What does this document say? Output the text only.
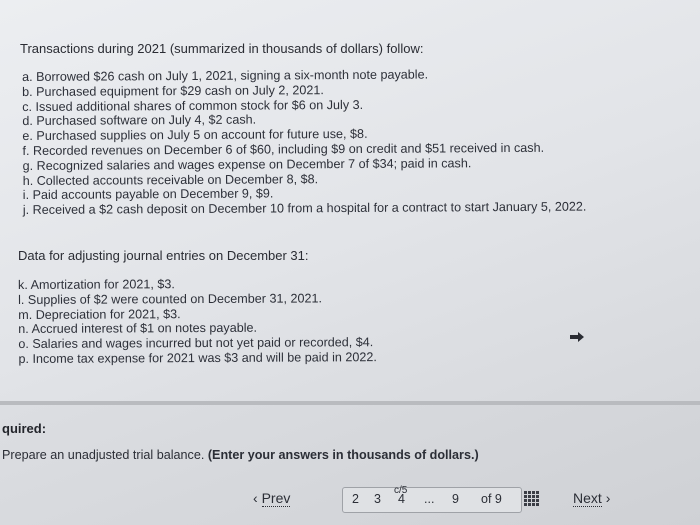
Transactions during 2021 (summarized in thousands of dollars) follow:
a. Borrowed $26 cash on July 1, 2021, signing a six-month note payable.
b. Purchased equipment for $29 cash on July 2, 2021.
c. Issued additional shares of common stock for $6 on July 3.
d. Purchased software on July 4, $2 cash.
e. Purchased supplies on July 5 on account for future use, $8.
f. Recorded revenues on December 6 of $60, including $9 on credit and $51 received in cash.
g. Recognized salaries and wages expense on December 7 of $34; paid in cash.
h. Collected accounts receivable on December 8, $8.
i. Paid accounts payable on December 9, $9.
j. Received a $2 cash deposit on December 10 from a hospital for a contract to start January 5, 2022.
Data for adjusting journal entries on December 31:
k. Amortization for 2021, $3.
l. Supplies of $2 were counted on December 31, 2021.
m. Depreciation for 2021, $3.
n. Accrued interest of $1 on notes payable.
o. Salaries and wages incurred but not yet paid or recorded, $4.
p. Income tax expense for 2021 was $3 and will be paid in 2022.
quired:
Prepare an unadjusted trial balance. (Enter your answers in thousands of dollars.)
‹ Prev	2 3
c/5
4 ... 9 of 9	Next ›
